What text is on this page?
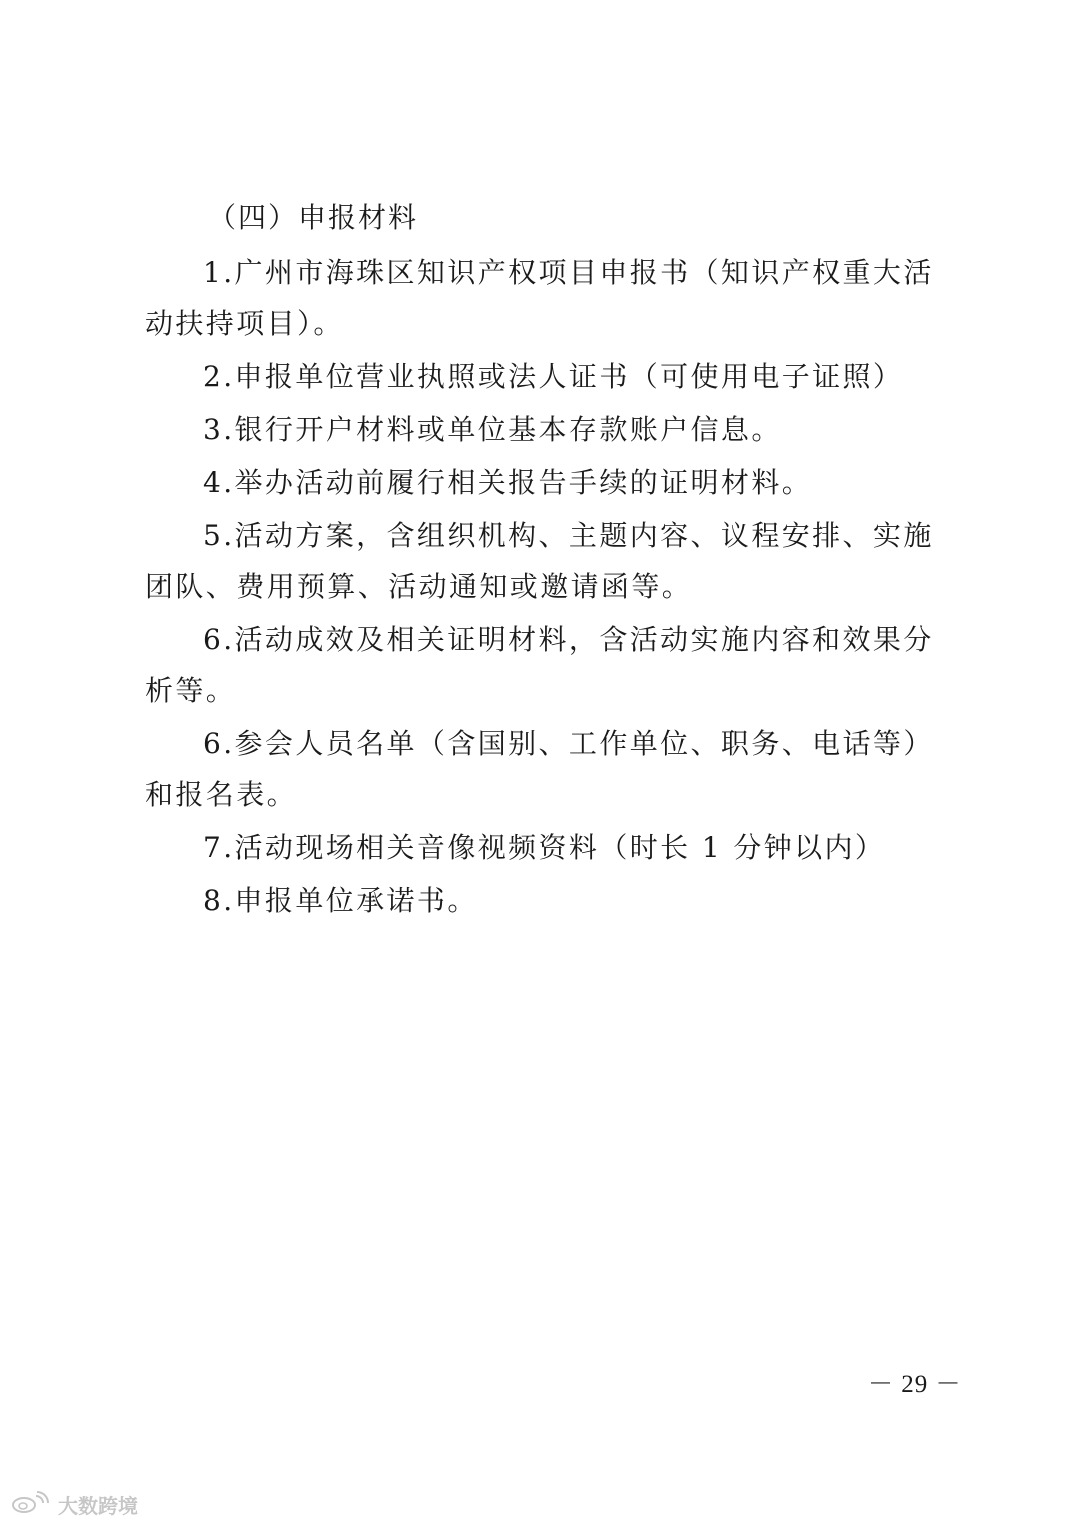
（四）申报材料

1.广州市海珠区知识产权项目申报书（知识产权重大活动扶持项目）。

2.申报单位营业执照或法人证书（可使用电子证照）

3.银行开户材料或单位基本存款账户信息。

4.举办活动前履行相关报告手续的证明材料。

5.活动方案，含组织机构、主题内容、议程安排、实施团队、费用预算、活动通知或邀请函等。

6.活动成效及相关证明材料，含活动实施内容和效果分析等。

6.参会人员名单（含国别、工作单位、职务、电话等）和报名表。

7.活动现场相关音像视频资料（时长 1 分钟以内）

8.申报单位承诺书。

－ 29 －
大数跨境
